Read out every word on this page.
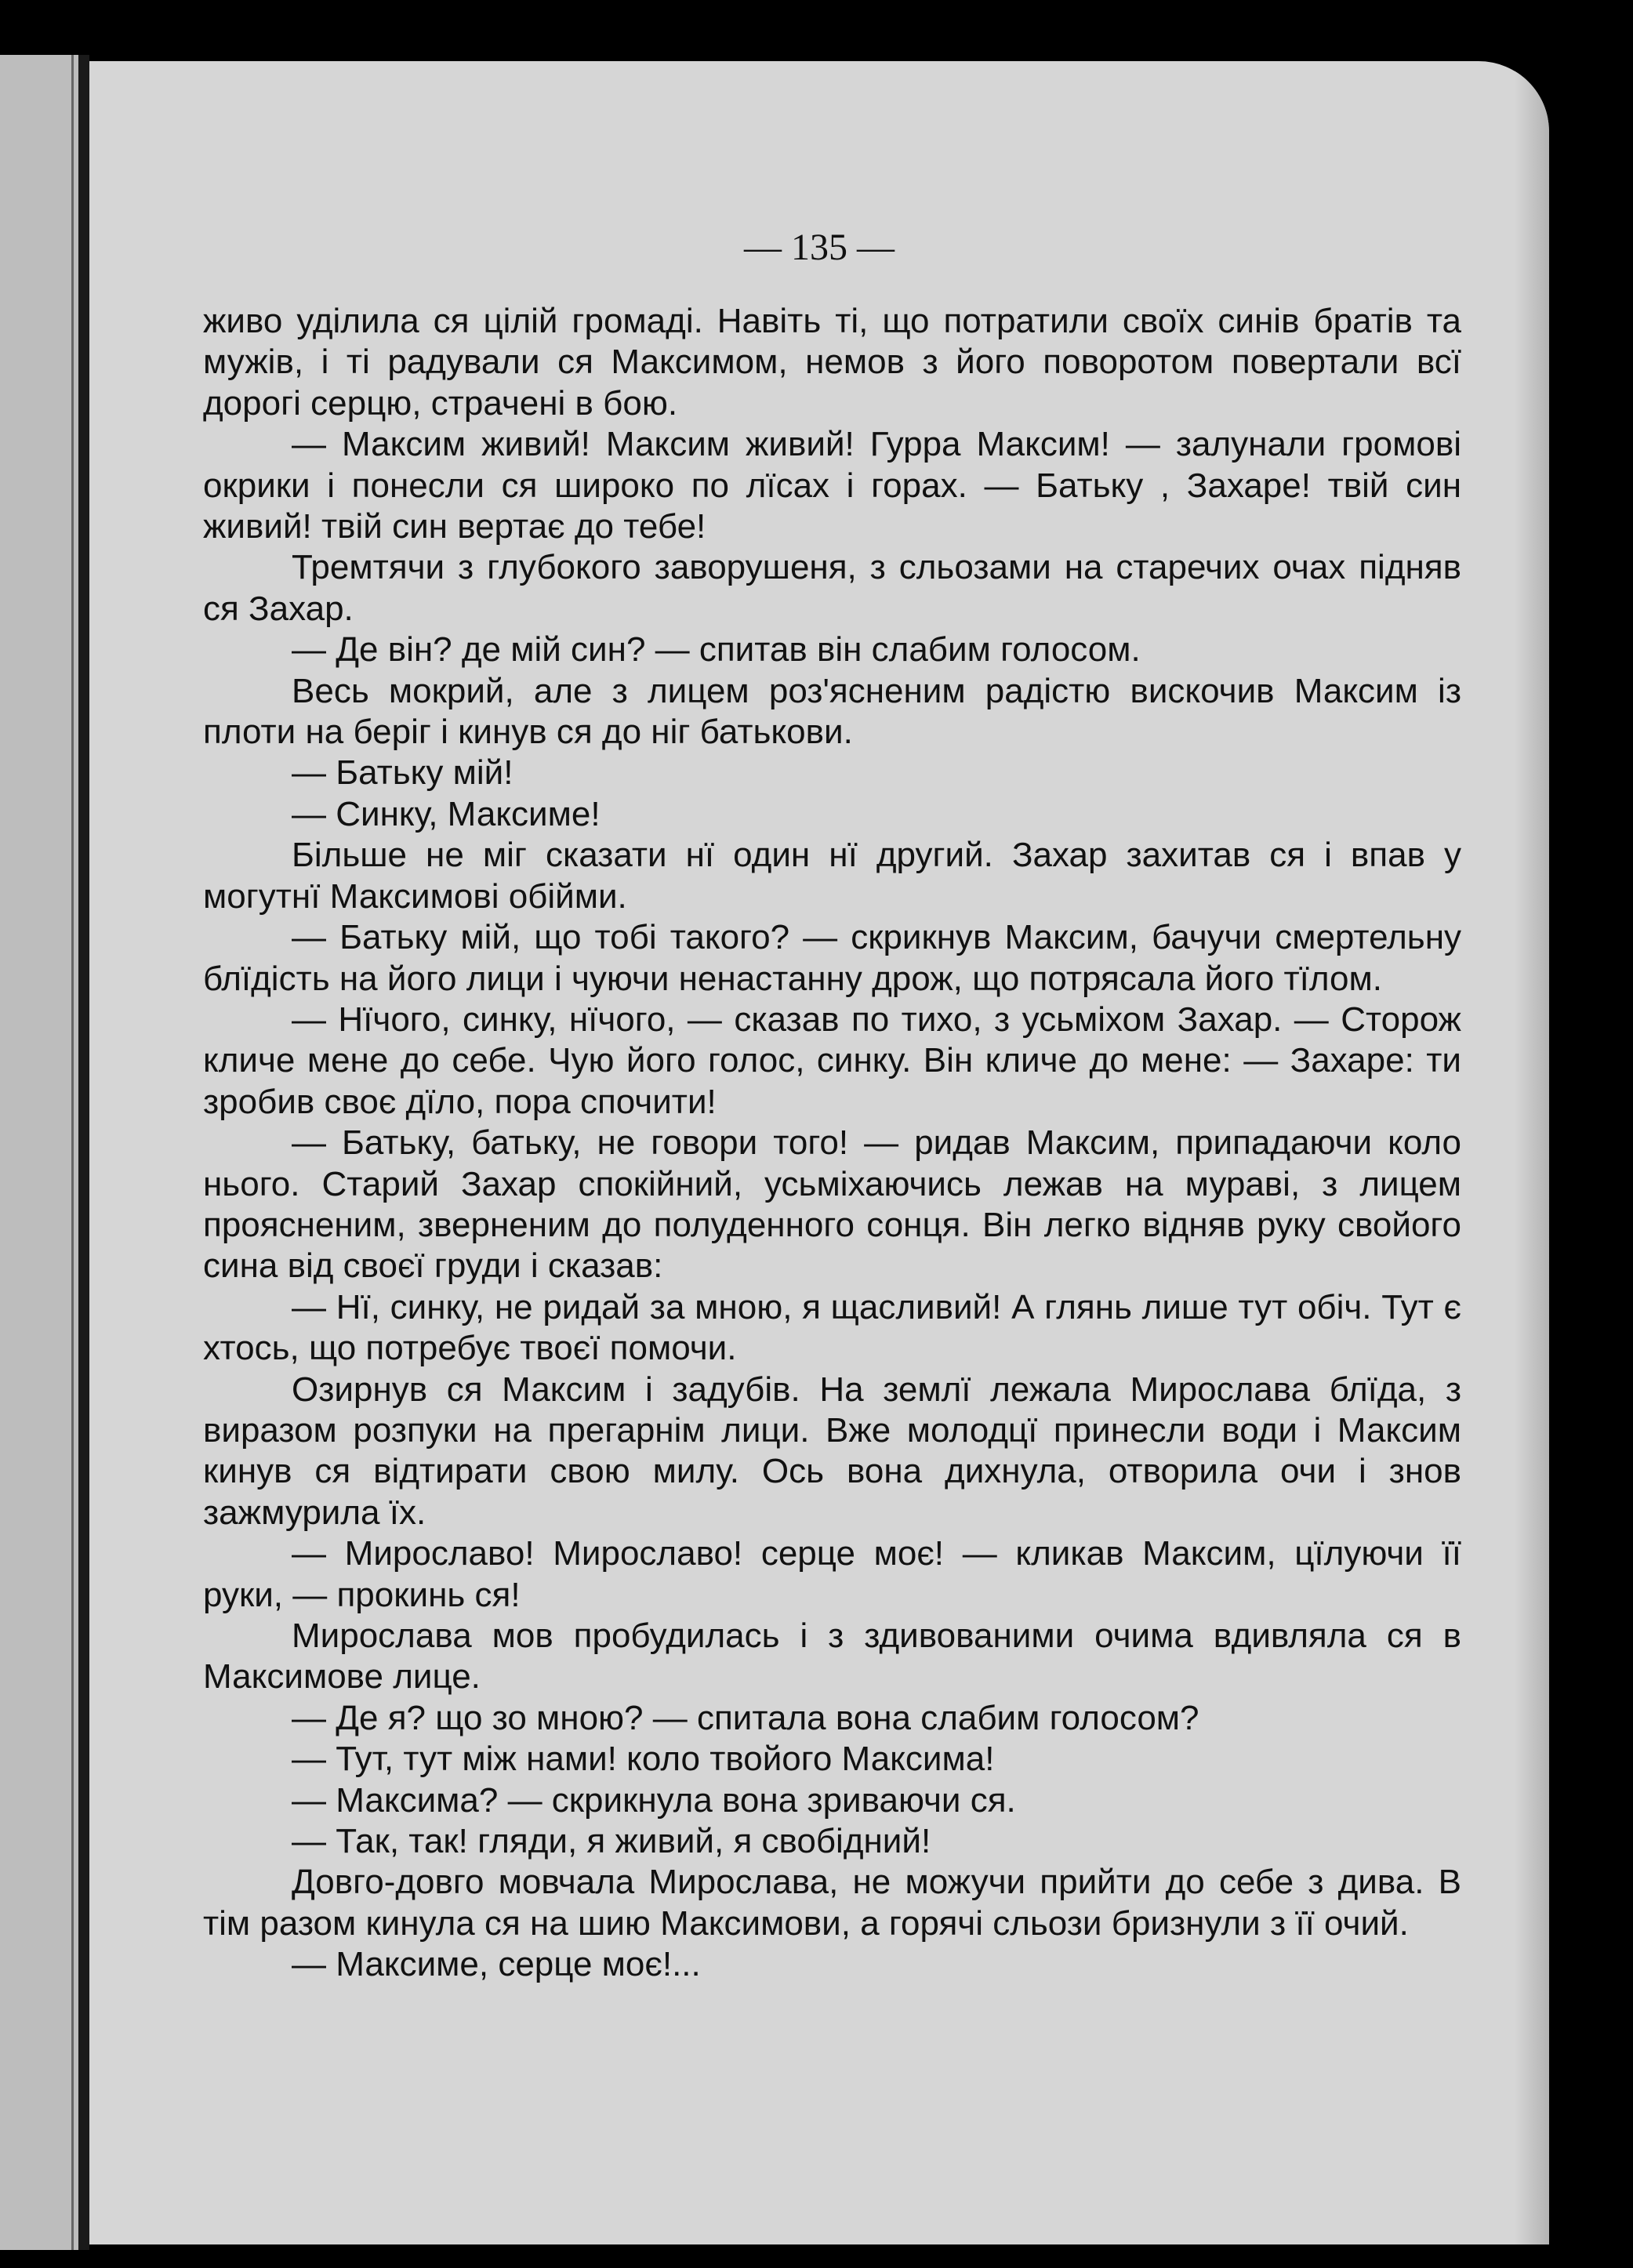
— 135 —

живо уділила ся цілій громаді. Навіть ті, що потратили своїх синів братів та мужів, і ті радували ся Максимом, немов з його поворотом повертали всї дорогі серцю, страчені в бою.

— Максим живий! Максим живий! Гурра Максим! — залунали громові окрики і понесли ся широко по лїсах і горах. — Батьку , Захаре! твій син живий! твій син вертає до тебе!

Тремтячи з глубокого заворушеня, з сльозами на старечих очах підняв ся Захар.

— Де він? де мій син? — спитав він слабим голосом.

Весь мокрий, але з лицем роз'ясненим радістю вискочив Максим із плоти на беріг і кинув ся до ніг батькови.

— Батьку мій!

— Синку, Максиме!

Більше не міг сказати нї один нї другий. Захар захитав ся і впав у могутнї Максимові обійми.

— Батьку мій, що тобі такого? — скрикнув Максим, бачучи смертельну блїдість на його лици і чуючи ненастанну дрож, що потрясала його тїлом.

— Нїчого, синку, нїчого, — сказав по тихо, з усьміхом Захар. — Сторож кличе мене до себе. Чую його голос, синку. Він кличе до мене: — Захаре: ти зробив своє дїло, пора спочити!

— Батьку, батьку, не говори того! — ридав Максим, припадаючи коло нього. Старий Захар спокійний, усьміхаючись лежав на мураві, з лицем проясненим, зверненим до полуденного сонця. Він легко відняв руку свойого сина від своєї груди і сказав:

— Нї, синку, не ридай за мною, я щасливий! А глянь лише тут обіч. Тут є хтось, що потребує твоєї помочи.

Озирнув ся Максим і задубів. На землї лежала Мирослава блїда, з виразом розпуки на прегарнім лици. Вже молодцї принесли води і Максим кинув ся відтирати свою милу. Ось вона дихнула, отворила очи і знов зажмурила їх.

— Мирославо! Мирославо! серце моє! — кликав Максим, цїлуючи її руки, — прокинь ся!

Мирослава мов пробудилась і з здивованими очима вдивляла ся в Максимове лице.

— Де я? що зо мною? — спитала вона слабим голосом?

— Тут, тут між нами! коло твойого Максима!

— Максима? — скрикнула вона зриваючи ся.

— Так, так! гляди, я живий, я свобідний!

Довго-довго мовчала Мирослава, не можучи прийти до себе з дива. В тім разом кинула ся на шию Максимови, а горячі сльози бризнули з її очий.

— Максиме, серце моє!...
